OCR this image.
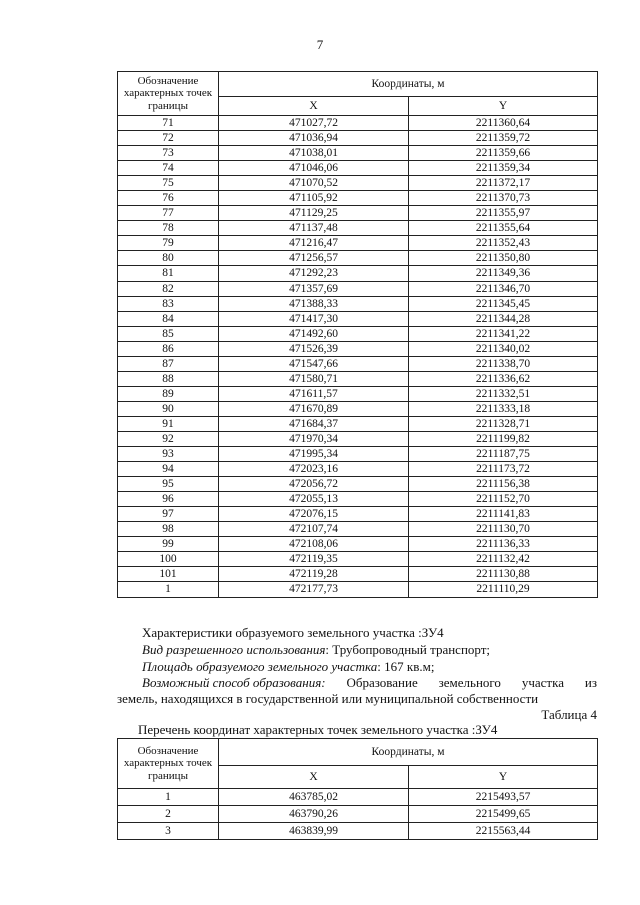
7
Обозначение характерных точек границы	Координаты, м	
	X	Y
71	471027,72	2211360,64
72	471036,94	2211359,72
73	471038,01	2211359,66
74	471046,06	2211359,34
75	471070,52	2211372,17
76	471105,92	2211370,73
77	471129,25	2211355,97
78	471137,48	2211355,64
79	471216,47	2211352,43
80	471256,57	2211350,80
81	471292,23	2211349,36
82	471357,69	2211346,70
83	471388,33	2211345,45
84	471417,30	2211344,28
85	471492,60	2211341,22
86	471526,39	2211340,02
87	471547,66	2211338,70
88	471580,71	2211336,62
89	471611,57	2211332,51
90	471670,89	2211333,18
91	471684,37	2211328,71
92	471970,34	2211199,82
93	471995,34	2211187,75
94	472023,16	2211173,72
95	472056,72	2211156,38
96	472055,13	2211152,70
97	472076,15	2211141,83
98	472107,74	2211130,70
99	472108,06	2211136,33
100	472119,35	2211132,42
101	472119,28	2211130,88
1	472177,73	2211110,29
Характеристики образуемого земельного участка :ЗУ4
Вид разрешенного использования: Трубопроводный транспорт;
Площадь образуемого земельного участка: 167 кв.м;
Возможный способ образования: Образование земельного участка из
земель, находящихся в государственной или муниципальной собственности
Таблица 4
Перечень координат характерных точек земельного участка :ЗУ4
Обозначение характерных точек границы	Координаты, м	
	X	Y
1	463785,02	2215493,57
2	463790,26	2215499,65
3	463839,99	2215563,44
